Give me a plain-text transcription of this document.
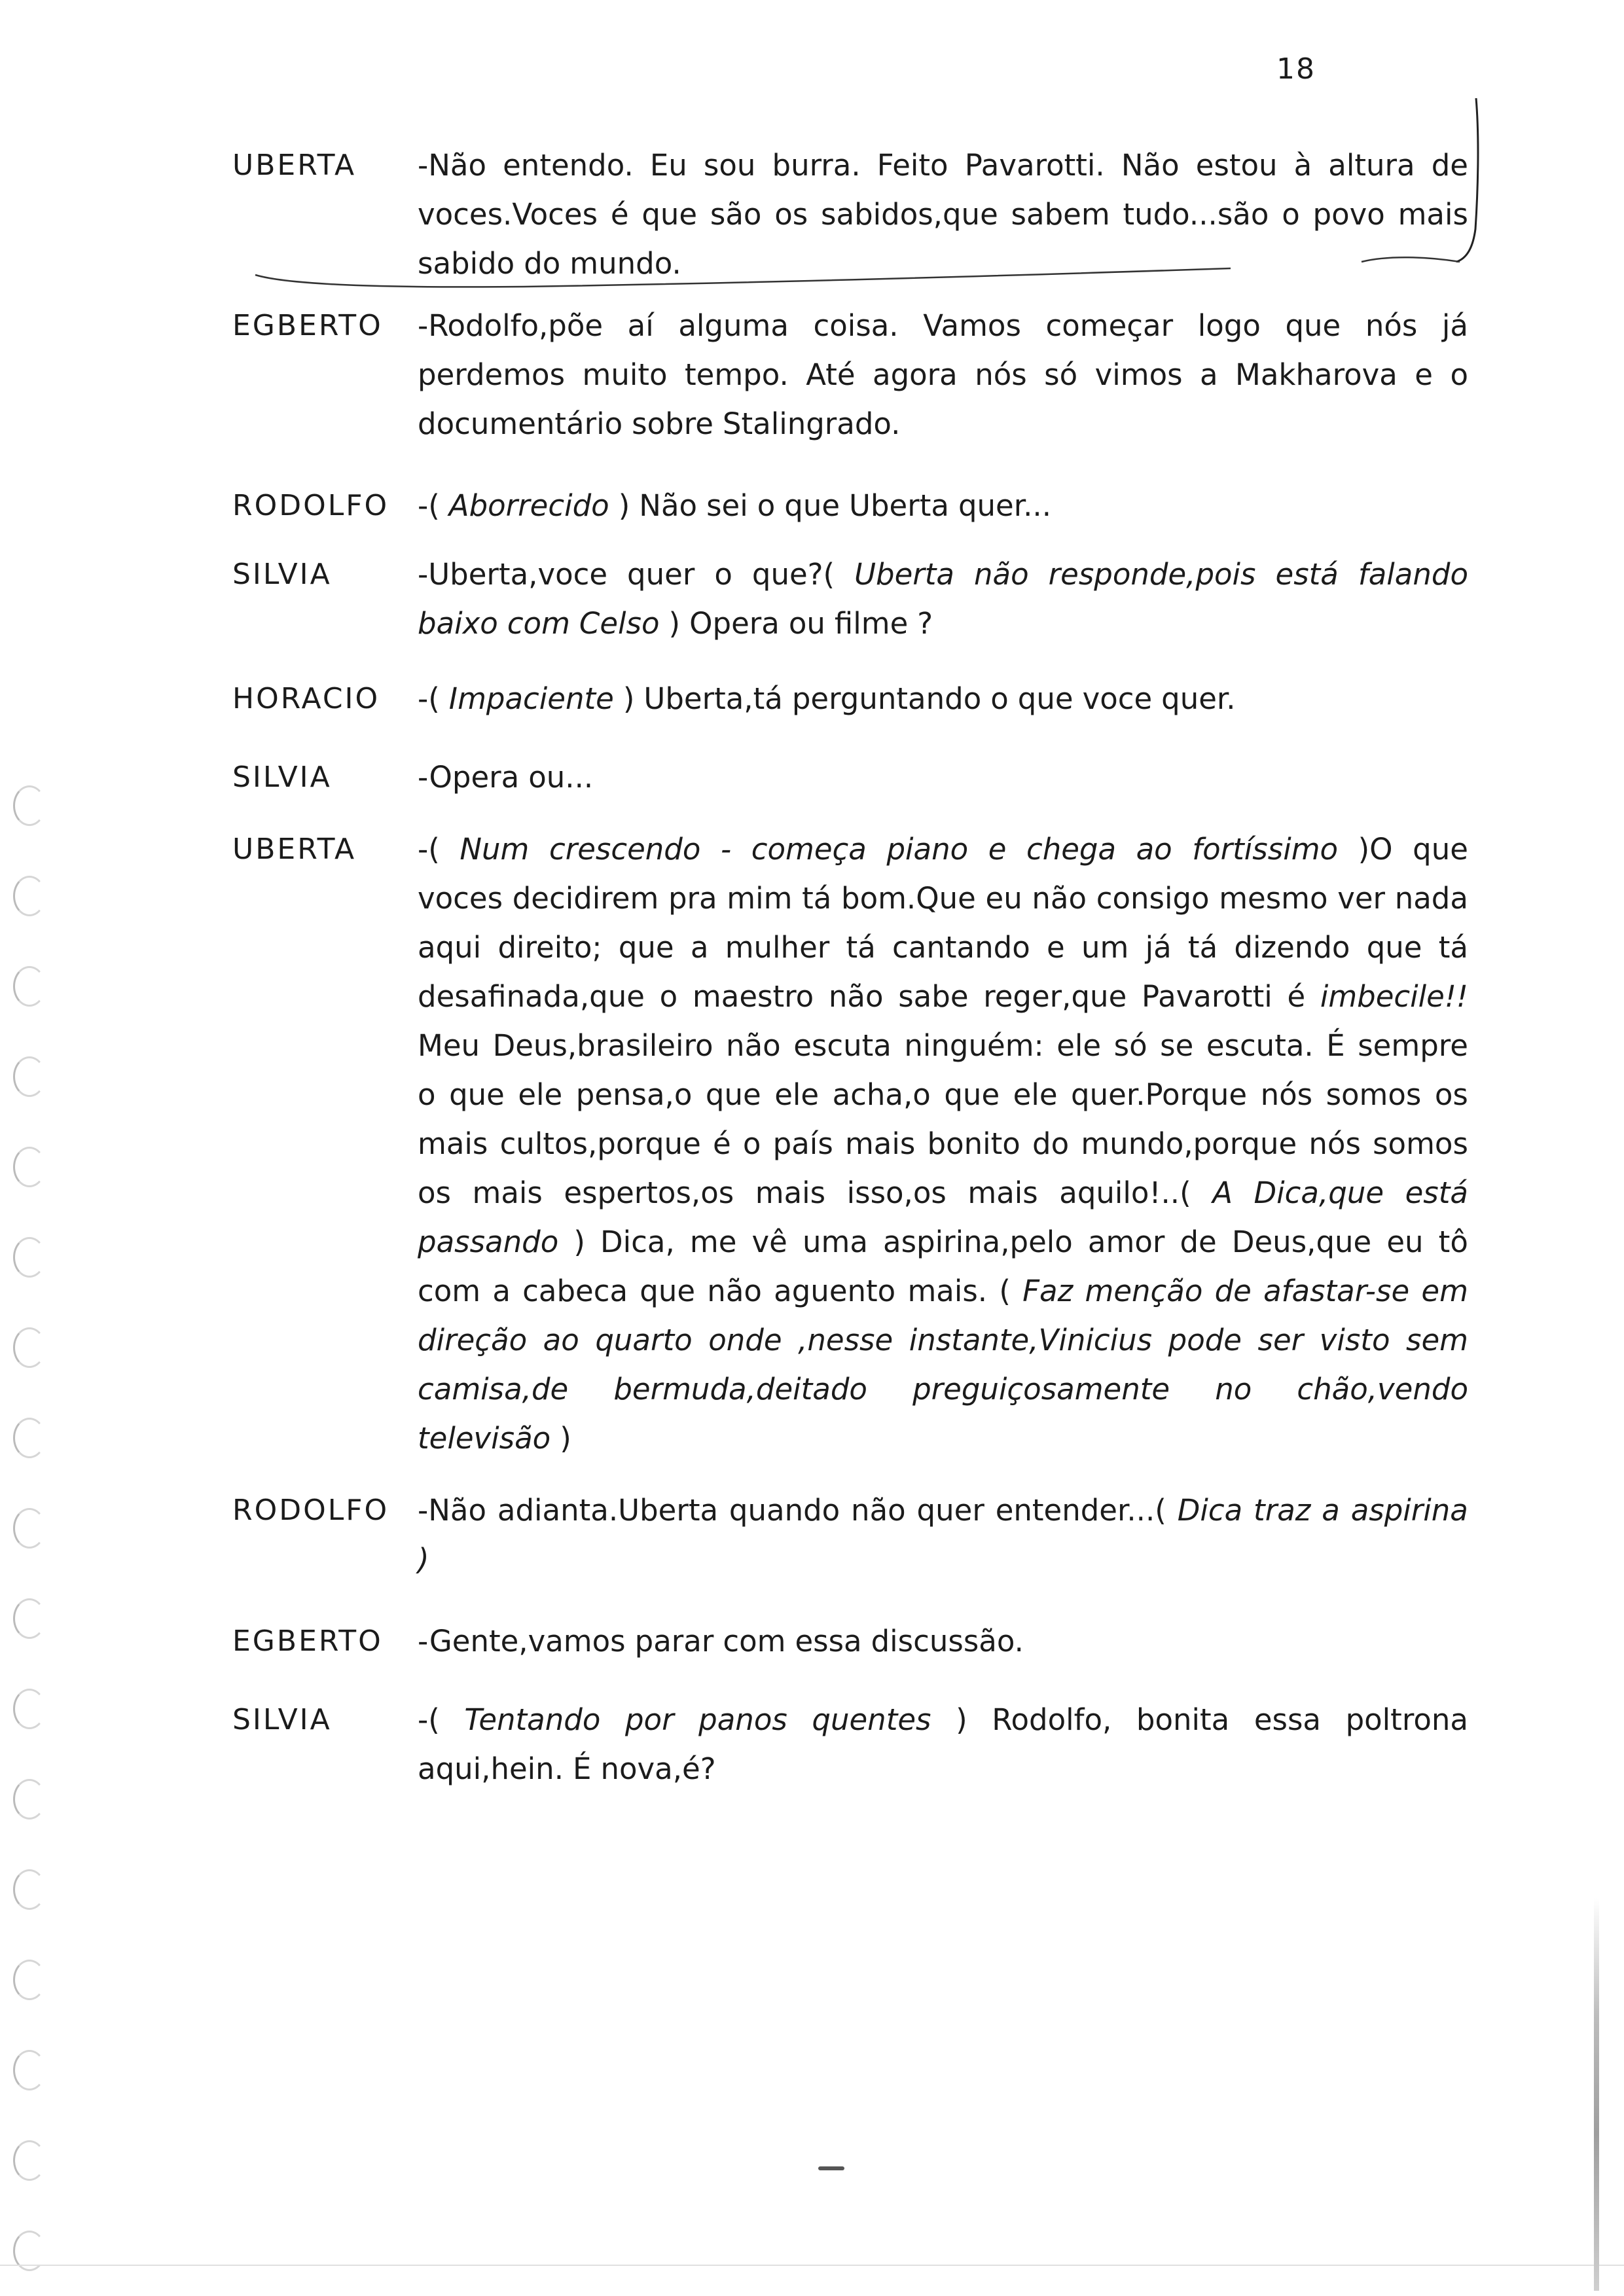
18
UBERTA -Não entendo. Eu sou burra. Feito Pavarotti. Não estou à altura de
voces.Voces é que são os sabidos,que sabem tudo...são o povo mais
sabido do mundo.
EGBERTO -Rodolfo,põe aí alguma coisa. Vamos começar logo que nós já
perdemos muito tempo. Até agora nós só vimos a Makharova e o
documentário sobre Stalingrado.
RODOLFO -( Aborrecido ) Não sei o que Uberta quer...
SILVIA	-Uberta,voce quer o que?( Uberta não responde,pois está falando
baixo com Celso ) Opera ou filme ?
HORACIO -( Impaciente ) Uberta,tá perguntando o que voce quer.
SILVIA	-Opera ou...
UBERTA -( Num crescendo - começa piano e chega ao fortíssimo )O que
voces decidirem pra mim tá bom.Que eu não consigo mesmo ver nada
aqui direito; que a mulher tá cantando e um já tá dizendo que tá
desafinada,que o maestro não sabe reger,que Pavarotti é imbecile!!
Meu Deus,brasileiro não escuta ninguém: ele só se escuta. É sempre
o que ele pensa,o que ele acha,o que ele quer.Porque nós somos os
mais cultos,porque é o país mais bonito do mundo,porque nós somos
os mais espertos,os mais isso,os mais aquilo!..( A Dica,que está
passando ) Dica, me vê uma aspirina,pelo amor de Deus,que eu tô
com a cabeca que não aguento mais. ( Faz menção de afastar-se em
direção ao quarto onde ,nesse instante,Vinicius pode ser visto sem
camisa,de bermuda,deitado preguiçosamente no chão,vendo
televisão )
RODOLFO -Não adianta.Uberta quando não quer entender...( Dica traz a aspirina
)
EGBERTO -Gente,vamos parar com essa discussão.
SILVIA	-( Tentando por panos quentes ) Rodolfo, bonita essa poltrona
aqui,hein. É nova,é?
